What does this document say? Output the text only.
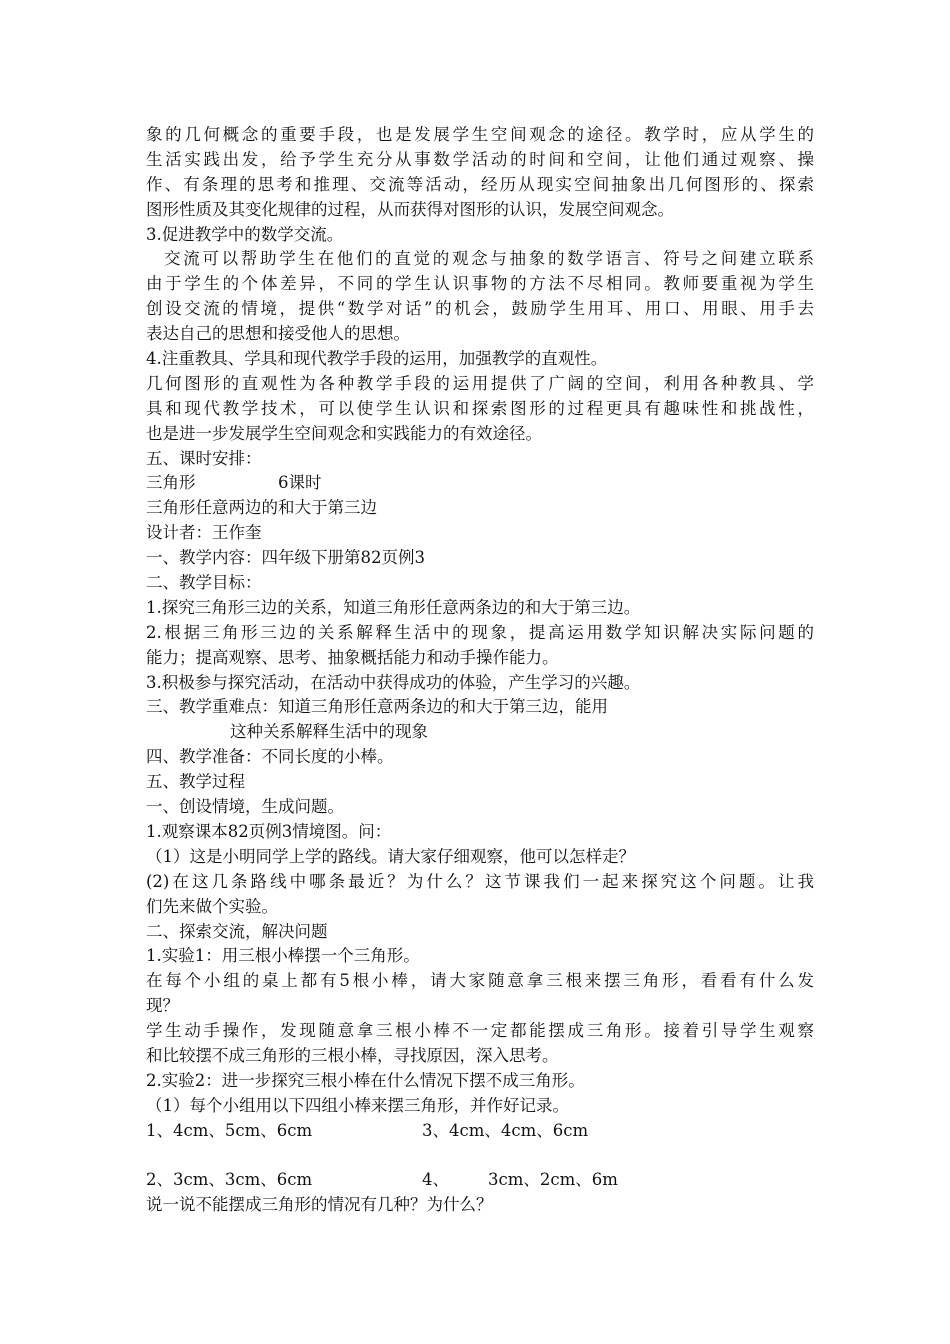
象的几何概念的重要手段，也是发展学生空间观念的途径。教学时，应从学生的
生活实践出发，给予学生充分从事数学活动的时间和空间，让他们通过观察、操
作、有条理的思考和推理、交流等活动，经历从现实空间抽象出几何图形的、探索
图形性质及其变化规律的过程，从而获得对图形的认识，发展空间观念。
3.促进教学中的数学交流。
交流可以帮助学生在他们的直觉的观念与抽象的数学语言、符号之间建立联系
由于学生的个体差异，不同的学生认识事物的方法不尽相同。教师要重视为学生
创设交流的情境，提供“数学对话”的机会，鼓励学生用耳、用口、用眼、用手去
表达自己的思想和接受他人的思想。
4.注重教具、学具和现代教学手段的运用，加强教学的直观性。
几何图形的直观性为各种教学手段的运用提供了广阔的空间，利用各种教具、学
具和现代教学技术，可以使学生认识和探索图形的过程更具有趣味性和挑战性，
也是进一步发展学生空间观念和实践能力的有效途径。
五、课时安排：
三角形	6课时
三角形任意两边的和大于第三边
设计者：王作奎
一、教学内容：四年级下册第82页例3
二、教学目标：
1.探究三角形三边的关系，知道三角形任意两条边的和大于第三边。
2.根据三角形三边的关系解释生活中的现象，提高运用数学知识解决实际问题的
能力；提高观察、思考、抽象概括能力和动手操作能力。
3.积极参与探究活动，在活动中获得成功的体验，产生学习的兴趣。
三、教学重难点：知道三角形任意两条边的和大于第三边，能用
这种关系解释生活中的现象
四、教学准备：不同长度的小棒。
五、教学过程
一、创设情境，生成问题。
1.观察课本82页例3情境图。问：
（1）这是小明同学上学的路线。请大家仔细观察，他可以怎样走？
(2)在这几条路线中哪条最近？为什么？这节课我们一起来探究这个问题。让我
们先来做个实验。
二、探索交流，解决问题
1.实验1：用三根小棒摆一个三角形。
在每个小组的桌上都有5根小棒，请大家随意拿三根来摆三角形，看看有什么发
现？
学生动手操作，发现随意拿三根小棒不一定都能摆成三角形。接着引导学生观察
和比较摆不成三角形的三根小棒，寻找原因，深入思考。
2.实验2：进一步探究三根小棒在什么情况下摆不成三角形。
（1）每个小组用以下四组小棒来摆三角形，并作好记录。
1、4cm、5cm、6cm	3、4cm、4cm、6cm
2、3cm、3cm、6cm	4、 3cm、2cm、6m
说一说不能摆成三角形的情况有几种？为什么？
